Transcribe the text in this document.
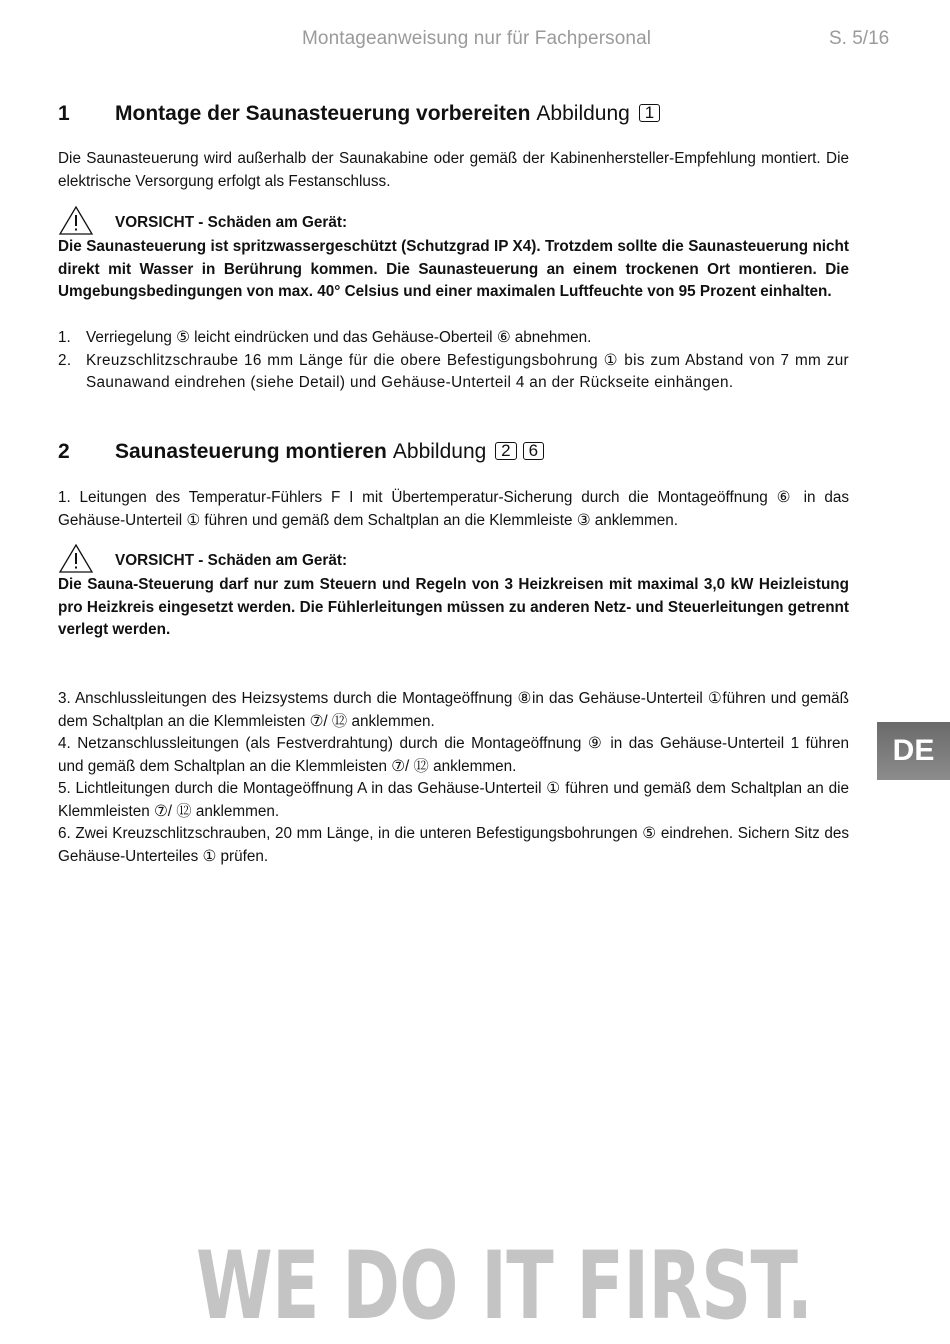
Montageanweisung nur für Fachpersonal	S. 5/16
1 Montage der Saunasteuerung vorbereiten Abbildung 1

Die Saunasteuerung wird außerhalb der Saunakabine oder gemäß der Kabinenhersteller-Empfehlung montiert. Die elektrische Versorgung erfolgt als Festanschluss.

VORSICHT - Schäden am Gerät:

Die Saunasteuerung ist spritzwassergeschützt (Schutzgrad IP X4). Trotzdem sollte die Saunasteuerung nicht direkt mit Wasser in Berührung kommen. Die Saunasteuerung an einem trockenen Ort montieren. Die Umgebungsbedingungen von max. 40° Celsius und einer maximalen Luftfeuchte von 95 Prozent einhalten.

1. Verriegelung ⑤ leicht eindrücken und das Gehäuse-Oberteil ⑥ abnehmen.
2. Kreuzschlitzschraube 16 mm Länge für die obere Befestigungsbohrung ① bis zum Abstand von 7 mm zur Saunawand eindrehen (siehe Detail) und Gehäuse-Unterteil 4 an der Rückseite einhängen.
2 Saunasteuerung montieren Abbildung 2 6

1. Leitungen des Temperatur-Fühlers F I mit Übertemperatur-Sicherung durch die Montageöffnung ⑥ in das Gehäuse-Unterteil ① führen und gemäß dem Schaltplan an die Klemmleiste ③ anklemmen.

VORSICHT - Schäden am Gerät:

Die Sauna-Steuerung darf nur zum Steuern und Regeln von 3 Heizkreisen mit maximal 3,0 kW Heizleistung pro Heizkreis eingesetzt werden. Die Fühlerleitungen müssen zu anderen Netz- und Steuerleitungen getrennt verlegt werden.

3. Anschlussleitungen des Heizsystems durch die Montageöffnung ⑧in das Gehäuse-Unterteil ①führen und gemäß dem Schaltplan an die Klemmleisten ⑦/ ⑫ anklemmen.

4. Netzanschlussleitungen (als Festverdrahtung) durch die Montageöffnung ⑨ in das Gehäuse-Unterteil 1 führen und gemäß dem Schaltplan an die Klemmleisten ⑦/ ⑫ anklemmen.

5. Lichtleitungen durch die Montageöffnung A in das Gehäuse-Unterteil ① führen und gemäß dem Schaltplan an die Klemmleisten ⑦/ ⑫ anklemmen.

6. Zwei Kreuzschlitzschrauben, 20 mm Länge, in die unteren Befestigungsbohrungen ⑤ eindrehen. Sichern Sitz des Gehäuse-Unterteiles ① prüfen.

DE
WE DO IT FIRST.
